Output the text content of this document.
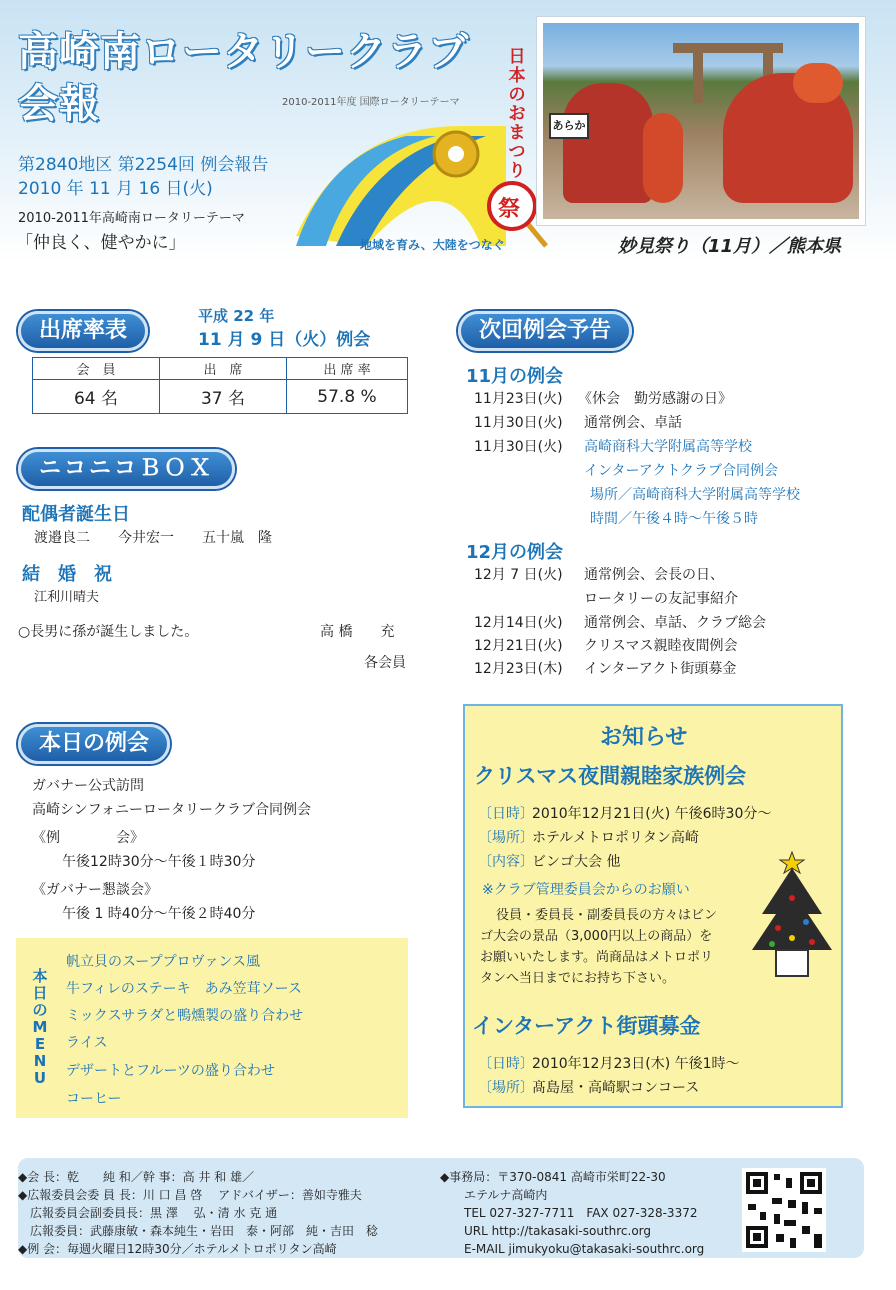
高崎南ロータリークラブ
会報	2010-2011年度 国際ロータリーテーマ
地域を育み、大陸をつなぐ
第2840地区 第2254回 例会報告
2010 年 11 月 16 日(火)
2010-2011年高崎南ロータリーテーマ
「仲良く、健やかに」
日本のおまつり
祭
あらか
妙見祭り（11月）／熊本県
出席率表
平成 22 年
11 月 9 日（火）例会
会　員	出　席	出 席 率
64 名	37 名	57.8 %
ニコニコＢＯＸ
配偶者誕生日
渡邉良二　　今井宏一　　五十嵐　隆
結　婚　祝
江利川晴夫
○長男に孫が誕生しました。	高 橋　　充
各会員
本日の例会
ガバナー公式訪問
高崎シンフォニーロータリークラブ合同例会
《例　　　　会》
午後12時30分〜午後１時30分
《ガバナー懇談会》
午後 1 時40分〜午後２時40分
本日のMENU
帆立貝のスーププロヴァンス風
牛フィレのステーキ　あみ笠茸ソース
ミックスサラダと鴨燻製の盛り合わせ
ライス
デザートとフルーツの盛り合わせ
コーヒー
次回例会予告
11月の例会
11月23日(火) 《休会　勤労感謝の日》
11月30日(火) 通常例会、卓話
11月30日(火) 高崎商科大学附属高等学校
インターアクトクラブ合同例会
場所／高崎商科大学附属高等学校
時間／午後４時〜午後５時
12月の例会
12月 7 日(火) 通常例会、会長の日、
ロータリーの友記事紹介
12月14日(火) 通常例会、卓話、クラブ総会
12月21日(火) クリスマス親睦夜間例会
12月23日(木) インターアクト街頭募金
お知らせ
クリスマス夜間親睦家族例会
〔日時〕
2010年12月21日(火) 午後6時30分〜
〔場所〕
ホテルメトロポリタン高崎
〔内容〕
ビンゴ大会 他
※クラブ管理委員会からのお願い
役員・委員長・副委員長の方々はビン
ゴ大会の景品（3,000円以上の商品）を
お願いいたします。尚商品はメトロポリ
タンへ当日までにお持ち下さい。
インターアクト街頭募金
〔日時〕
2010年12月23日(木) 午後1時〜
〔場所〕
髙島屋・高崎駅コンコース
◆会 長：乾　　純 和／幹 事：高 井 和 雄／
◆広報委員会委 員 長：川 口 昌 啓　 アドバイザー：善如寺雅夫
　広報委員会副委員長：黒 澤　 弘・清 水 克 通
　広報委員：武藤康敏・森本純生・岩田　泰・阿部　純・吉田　稔
◆例 会：毎週火曜日12時30分／ホテルメトロポリタン高崎
◆事務局：〒370-0841 高崎市栄町22-30
　　エテルナ高崎内
　　TEL 027-327-7711　FAX 027-328-3372
　　URL http://takasaki-southrc.org
　　E-MAIL jimukyoku@takasaki-southrc.org
